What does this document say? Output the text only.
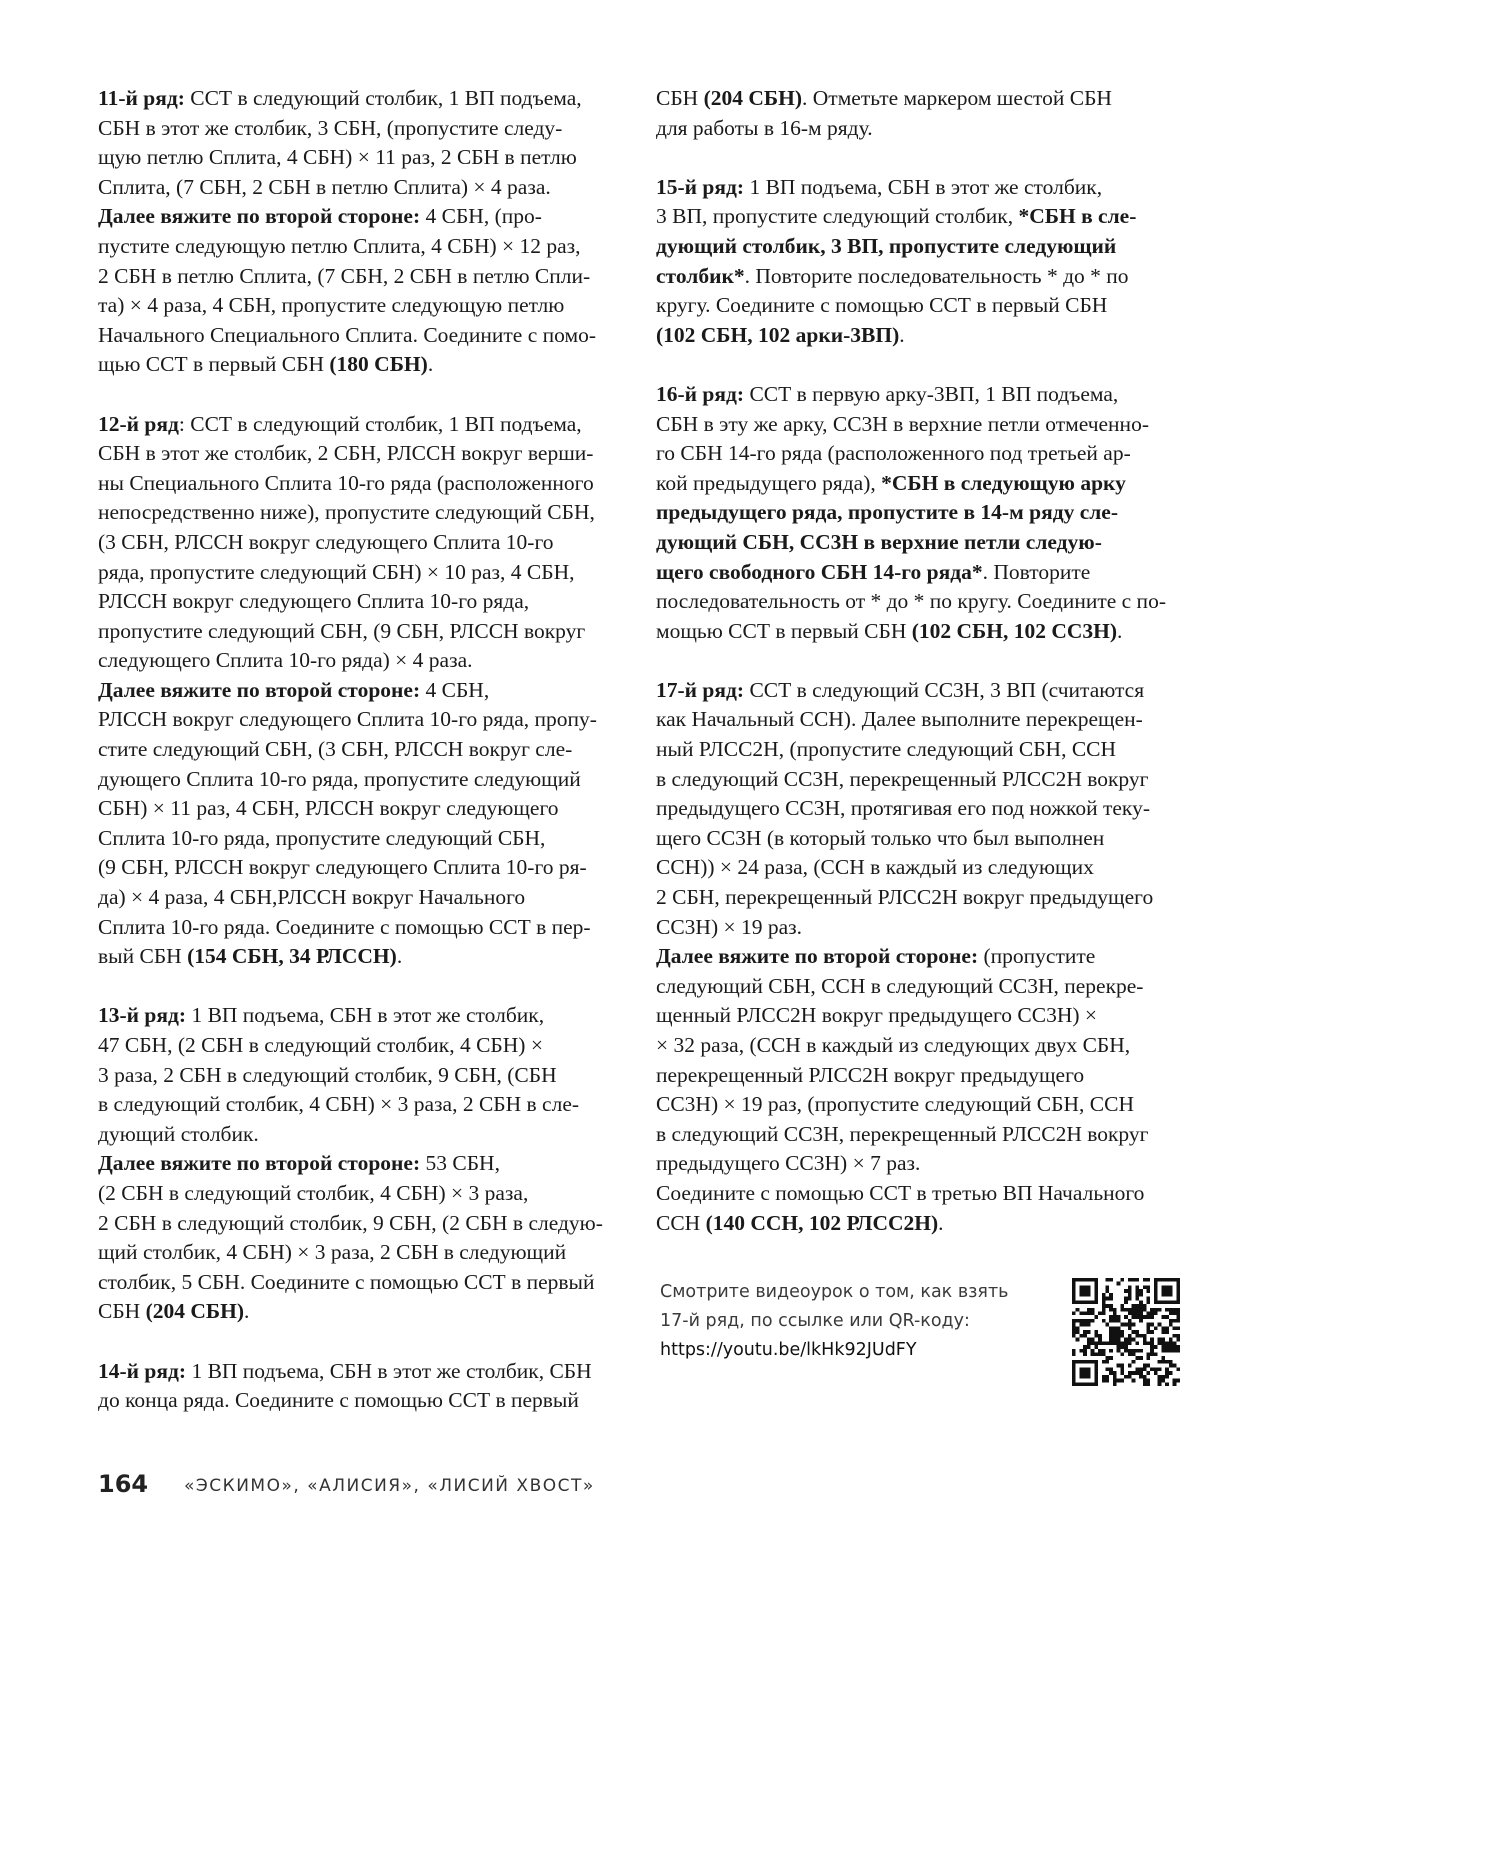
11-й ряд: ССТ в следующий столбик, 1 ВП подъема,
СБН в этот же столбик, 3 СБН, (пропустите следу-
щую петлю Сплита, 4 СБН) × 11 раз, 2 СБН в петлю
Сплита, (7 СБН, 2 СБН в петлю Сплита) × 4 раза.
Далее вяжите по второй стороне: 4 СБН, (про-
пустите следующую петлю Сплита, 4 СБН) × 12 раз,
2 СБН в петлю Сплита, (7 СБН, 2 СБН в петлю Спли-
та) × 4 раза, 4 СБН, пропустите следующую петлю
Начального Специального Сплита. Соедините с помо-
щью ССТ в первый СБН (180 СБН).
12-й ряд: ССТ в следующий столбик, 1 ВП подъема,
СБН в этот же столбик, 2 СБН, РЛССН вокруг верши-
ны Специального Сплита 10-го ряда (расположенного
непосредственно ниже), пропустите следующий СБН,
(3 СБН, РЛССН вокруг следующего Сплита 10-го
ряда, пропустите следующий СБН) × 10 раз, 4 СБН,
РЛССН вокруг следующего Сплита 10-го ряда,
пропустите следующий СБН, (9 СБН, РЛССН вокруг
следующего Сплита 10-го ряда) × 4 раза.
Далее вяжите по второй стороне: 4 СБН,
РЛССН вокруг следующего Сплита 10-го ряда, пропу-
стите следующий СБН, (3 СБН, РЛССН вокруг сле-
дующего Сплита 10-го ряда, пропустите следующий
СБН) × 11 раз, 4 СБН, РЛССН вокруг следующего
Сплита 10-го ряда, пропустите следующий СБН,
(9 СБН, РЛССН вокруг следующего Сплита 10-го ря-
да) × 4 раза, 4 СБН,РЛССН вокруг Начального
Сплита 10-го ряда. Соедините с помощью ССТ в пер-
вый СБН (154 СБН, 34 РЛССН).
13-й ряд: 1 ВП подъема, СБН в этот же столбик,
47 СБН, (2 СБН в следующий столбик, 4 СБН) ×
3 раза, 2 СБН в следующий столбик, 9 СБН, (СБН
в следующий столбик, 4 СБН) × 3 раза, 2 СБН в сле-
дующий столбик.
Далее вяжите по второй стороне: 53 СБН,
(2 СБН в следующий столбик, 4 СБН) × 3 раза,
2 СБН в следующий столбик, 9 СБН, (2 СБН в следую-
щий столбик, 4 СБН) × 3 раза, 2 СБН в следующий
столбик, 5 СБН. Соедините с помощью ССТ в первый
СБН (204 СБН).
14-й ряд: 1 ВП подъема, СБН в этот же столбик, СБН
до конца ряда. Соедините с помощью ССТ в первый
СБН (204 СБН). Отметьте маркером шестой СБН
для работы в 16-м ряду.
15-й ряд: 1 ВП подъема, СБН в этот же столбик,
3 ВП, пропустите следующий столбик, *СБН в сле-
дующий столбик, 3 ВП, пропустите следующий
столбик*. Повторите последовательность * до * по
кругу. Соедините с помощью ССТ в первый СБН
(102 СБН, 102 арки-3ВП).
16-й ряд: ССТ в первую арку-3ВП, 1 ВП подъема,
СБН в эту же арку, СС3Н в верхние петли отмеченно-
го СБН 14-го ряда (расположенного под третьей ар-
кой предыдущего ряда), *СБН в следующую арку
предыдущего ряда, пропустите в 14-м ряду сле-
дующий СБН, СС3Н в верхние петли следую-
щего свободного СБН 14-го ряда*. Повторите
последовательность от * до * по кругу. Соедините с по-
мощью ССТ в первый СБН (102 СБН, 102 СС3Н).
17-й ряд: ССТ в следующий СС3Н, 3 ВП (считаются
как Начальный ССН). Далее выполните перекрещен-
ный РЛСС2Н, (пропустите следующий СБН, ССН
в следующий СС3Н, перекрещенный РЛСС2Н вокруг
предыдущего СС3Н, протягивая его под ножкой теку-
щего СС3Н (в который только что был выполнен
ССН)) × 24 раза, (ССН в каждый из следующих
2 СБН, перекрещенный РЛСС2Н вокруг предыдущего
СС3Н) × 19 раз.
Далее вяжите по второй стороне: (пропустите
следующий СБН, ССН в следующий СС3Н, перекре-
щенный РЛСС2Н вокруг предыдущего СС3Н) ×
× 32 раза, (ССН в каждый из следующих двух СБН,
перекрещенный РЛСС2Н вокруг предыдущего
СС3Н) × 19 раз, (пропустите следующий СБН, ССН
в следующий СС3Н, перекрещенный РЛСС2Н вокруг
предыдущего СС3Н) × 7 раз.
Соедините с помощью ССТ в третью ВП Начального
ССН (140 ССН, 102 РЛСС2Н).
Смотрите видеоурок о том, как взять
17-й ряд, по ссылке или QR-коду:
https://youtu.be/lkHk92JUdFY
164 «ЭСКИМО», «АЛИСИЯ», «ЛИСИЙ ХВОСТ»
